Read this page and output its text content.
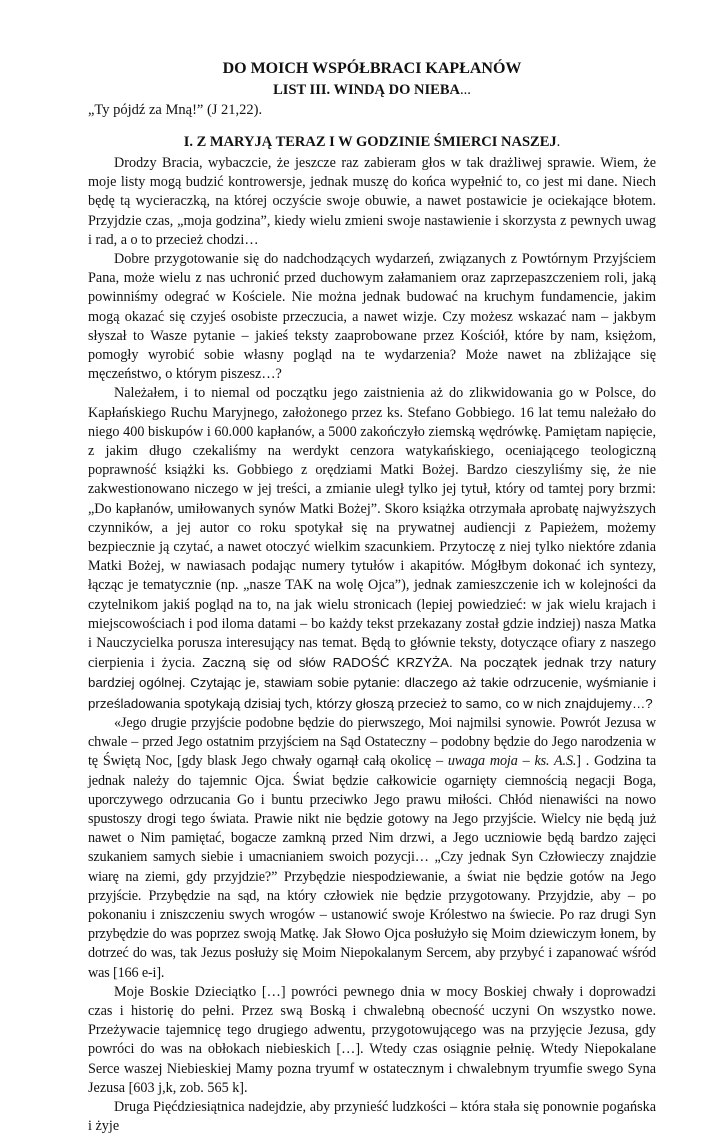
DO MOICH WSPÓŁBRACI KAPŁANÓW

LIST III. WINDĄ DO NIEBA...

„Ty pójdź za Mną!” (J 21,22).

I. Z MARYJĄ TERAZ I W GODZINIE ŚMIERCI NASZEJ.

Drodzy Bracia, wybaczcie, że jeszcze raz zabieram głos w tak drażliwej sprawie. Wiem, że moje listy mogą budzić kontrowersje, jednak muszę do końca wypełnić to, co jest mi dane. Niech będę tą wycieraczką, na której oczyście swoje obuwie, a nawet postawicie je ociekające błotem. Przyjdzie czas, „moja godzina”, kiedy wielu zmieni swoje nastawienie i skorzysta z pewnych uwag i rad, a o to przecież chodzi…

Dobre przygotowanie się do nadchodzących wydarzeń, związanych z Powtórnym Przyjściem Pana, może wielu z nas uchronić przed duchowym załamaniem oraz zaprzepaszczeniem roli, jaką powinniśmy odegrać w Kościele. Nie można jednak budować na kruchym fundamencie, jakim mogą okazać się czyjeś osobiste przeczucia, a nawet wizje. Czy możesz wskazać nam – jakbym słyszał to Wasze pytanie – jakieś teksty zaaprobowane przez Kościół, które by nam, księżom, pomogły wyrobić sobie własny pogląd na te wydarzenia? Może nawet na zbliżające się męczeństwo, o którym piszesz…?

Należałem, i to niemal od początku jego zaistnienia aż do zlikwidowania go w Polsce, do Kapłańskiego Ruchu Maryjnego, założonego przez ks. Stefano Gobbiego. 16 lat temu należało do niego 400 biskupów i 60.000 kapłanów, a 5000 zakończyło ziemską wędrówkę. Pamiętam napięcie, z jakim długo czekaliśmy na werdykt cenzora watykańskiego, oceniającego teologiczną poprawność książki ks. Gobbiego z orędziami Matki Bożej. Bardzo cieszyliśmy się, że nie zakwestionowano niczego w jej treści, a zmianie uległ tylko jej tytuł, który od tamtej pory brzmi: „Do kapłanów, umiłowanych synów Matki Bożej”. Skoro książka otrzymała aprobatę najwyższych czynników, a jej autor co roku spotykał się na prywatnej audiencji z Papieżem, możemy bezpiecznie ją czytać, a nawet otoczyć wielkim szacunkiem. Przytoczę z niej tylko niektóre zdania Matki Bożej, w nawiasach podając numery tytułów i akapitów. Mógłbym dokonać ich syntezy, łącząc je tematycznie (np. „nasze TAK na wolę Ojca”), jednak zamieszczenie ich w kolejności da czytelnikom jakiś pogląd na to, na jak wielu stronicach (lepiej powiedzieć: w jak wielu krajach i miejscowościach i pod iloma datami – bo każdy tekst przekazany został gdzie indziej) nasza Matka i Nauczycielka porusza interesujący nas temat. Będą to głównie teksty, dotyczące ofiary z naszego cierpienia i życia. Zaczną się od słów RADOŚĆ KRZYŻA. Na początek jednak trzy natury bardziej ogólnej. Czytając je, stawiam sobie pytanie: dlaczego aż takie odrzucenie, wyśmianie i prześladowania spotykają dzisiaj tych, którzy głoszą przecież to samo, co w nich znajdujemy…?

«Jego drugie przyjście podobne będzie do pierwszego, Moi najmilsi synowie. Powrót Jezusa w chwale – przed Jego ostatnim przyjściem na Sąd Ostateczny – podobny będzie do Jego narodzenia w tę Świętą Noc, [gdy blask Jego chwały ogarnął całą okolicę – uwaga moja – ks. A.S.] . Godzina ta jednak należy do tajemnic Ojca. Świat będzie całkowicie ogarnięty ciemnością negacji Boga, uporczywego odrzucania Go i buntu przeciwko Jego prawu miłości. Chłód nienawiści na nowo spustoszy drogi tego świata. Prawie nikt nie będzie gotowy na Jego przyjście. Wielcy nie będą już nawet o Nim pamiętać, bogacze zamkną przed Nim drzwi, a Jego uczniowie będą bardzo zajęci szukaniem samych siebie i umacnianiem swoich pozycji… „Czy jednak Syn Człowieczy znajdzie wiarę na ziemi, gdy przyjdzie?” Przybędzie niespodziewanie, a świat nie będzie gotów na Jego przyjście. Przybędzie na sąd, na który człowiek nie będzie przygotowany. Przyjdzie, aby – po pokonaniu i zniszczeniu swych wrogów – ustanowić swoje Królestwo na świecie. Po raz drugi Syn przybędzie do was poprzez swoją Matkę. Jak Słowo Ojca posłużyło się Moim dziewiczym łonem, by dotrzeć do was, tak Jezus posłuży się Moim Niepokalanym Sercem, aby przybyć i zapanować wśród was [166 e-i].

Moje Boskie Dzieciątko […] powróci pewnego dnia w mocy Boskiej chwały i doprowadzi czas i historię do pełni. Przez swą Boską i chwalebną obecność uczyni On wszystko nowe. Przeżywacie tajemnicę tego drugiego adwentu, przygotowującego was na przyjęcie Jezusa, gdy powróci do was na obłokach niebieskich […]. Wtedy czas osiągnie pełnię. Wtedy Niepokalane Serce waszej Niebieskiej Mamy pozna tryumf w ostatecznym i chwalebnym tryumfie swego Syna Jezusa [603 j,k, zob. 565 k].

Druga Pięćdziesiątnica nadejdzie, aby przynieść ludzkości – która stała się ponownie pogańska i żyje
